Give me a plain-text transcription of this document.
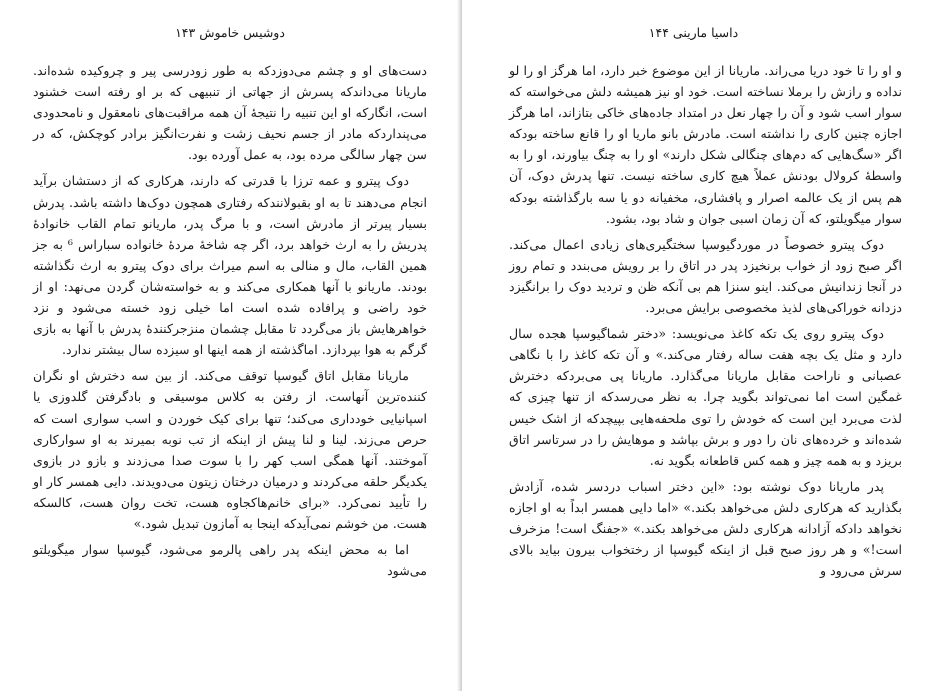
دوشیس خاموش ۱۴۳

دست‌های او و چشم می‌دوزدکه به طور زودرسی پیر و چروکیده شده‌اند. ماریانا می‌داندکه پسرش از جهاتی از تنبیهی که بر او رفته است خشنود است، انگارکه او این تنبیه را نتیجهٔ آن همه مراقبت‌های نامعقول و نامحدودی می‌پنداردکه مادر از جسم نحیف زشت و نفرت‌انگیز برادر کوچکش، که در سن چهار سالگی مرده بود، به عمل آورده بود.

دوک پیترو و عمه ترزا با قدرتی که دارند، هرکاری که از دستشان برآید انجام می‌دهند تا به او بقبولانندکه رفتاری همچون دوک‌ها داشته باشد. پدرش بسیار پیرتر از مادرش است، و با مرگ پدر، ماریانو تمام القاب خانوادهٔ پدریش را به ارث خواهد برد، اگر چه شاخهٔ مردهٔ خانواده سباراس ⁶ به جز همین القاب، مال و منالی به اسم میراث برای دوک پیترو به ارث نگذاشته بودند. ماریانو با آنها همکاری می‌کند و به خواسته‌شان گردن می‌نهد: او از خود راضی و پرافاده شده است اما خیلی زود خسته می‌شود و نزد خواهرهایش باز می‌گردد تا مقابل چشمان منزجرکنندهٔ پدرش با آنها به بازی گرگم به هوا بپردازد. اماگذشته از همه اینها او سیزده سال بیشتر ندارد.

ماریانا مقابل اتاق گیوسپا توقف می‌کند. از بین سه دخترش او نگران کننده‌ترین آنهاست. از رفتن به کلاس موسیقی و بادگرفتن گلدوزی یا اسپانیایی خودداری می‌کند؛ تنها برای کیک خوردن و اسب سواری است که حرص می‌زند. لینا و لنا پیش از اینکه از تب نوبه بمیرند به او سوارکاری آموختند. آنها همگی اسب کهر را با سوت صدا می‌زدند و بازو در بازوی یکدیگر حلقه می‌کردند و درمیان درختان زیتون می‌دویدند. دایی همسر کار او را تأیید نمی‌کرد. «برای خانم‌هاکجاوه هست، تخت روان هست، کالسکه هست. من خوشم نمی‌آیدکه اینجا به آمازون تبدیل شود.»

اما به محض اینکه پدر راهی پالرمو می‌شود، گیوسپا سوار میگویلتو می‌شود

داسیا مارینی ۱۴۴

و او را تا خود دریا می‌راند. ماریانا از این موضوع خبر دارد، اما هرگز او را لو نداده و رازش را برملا نساخته است. خود او نیز همیشه دلش می‌خواسته که سوار اسب شود و آن را چهار نعل در امتداد جاده‌های خاکی بتازاند، اما هرگز اجازه چنین کاری را نداشته است. مادرش بانو ماریا او را قانع ساخته بودکه اگر «سگ‌هایی که دم‌های چنگالی شکل دارند» او را به چنگ بیاورند، او را به واسطهٔ کرولال بودنش عملاً هیچ کاری ساخته نیست. تنها پدرش دوک، آن هم پس از یک عالمه اصرار و پافشاری، مخفیانه دو یا سه بارگذاشته بودکه سوار میگویلتو، که آن زمان اسبی جوان و شاد بود، بشود.

دوک پیترو خصوصاً در موردگیوسپا سختگیری‌های زیادی اعمال می‌کند. اگر صبح زود از خواب برنخیزد پدر در اتاق را بر رویش می‌بندد و تمام روز در آنجا زندانیش می‌کند. اینو سنزا هم بی آنکه ظن و تردید دوک را برانگیزد دزدانه خوراکی‌های لذیذ مخصوصی برایش می‌برد.

دوک پیترو روی یک تکه کاغذ می‌نویسد: «دختر شماگیوسپا هجده سال دارد و مثل یک بچه هفت ساله رفتار می‌کند.» و آن تکه کاغذ را با نگاهی عصبانی و ناراحت مقابل ماریانا می‌گذارد. ماریانا پی می‌بردکه دخترش غمگین است اما نمی‌تواند بگوید چرا. به نظر می‌رسدکه از تنها چیزی که لذت می‌برد این است که خودش را توی ملحفه‌هایی بپیچدکه از اشک خیس شده‌اند و خرده‌های نان را دور و برش بپاشد و موهایش را در سرتاسر اتاق بریزد و به همه چیز و همه کس قاطعانه بگوید نه.

پدر ماریانا دوک نوشته بود: «این دختر اسباب دردسر شده، آزادش بگذارید که هرکاری دلش می‌خواهد بکند.» «اما دایی همسر ابداً به او اجازه نخواهد دادکه آزادانه هرکاری دلش می‌خواهد بکند.» «جفنگ است! مزخرف است!» و هر روز صبح قبل از اینکه گیوسپا از رختخواب بیرون بیاید بالای سرش می‌رود و
